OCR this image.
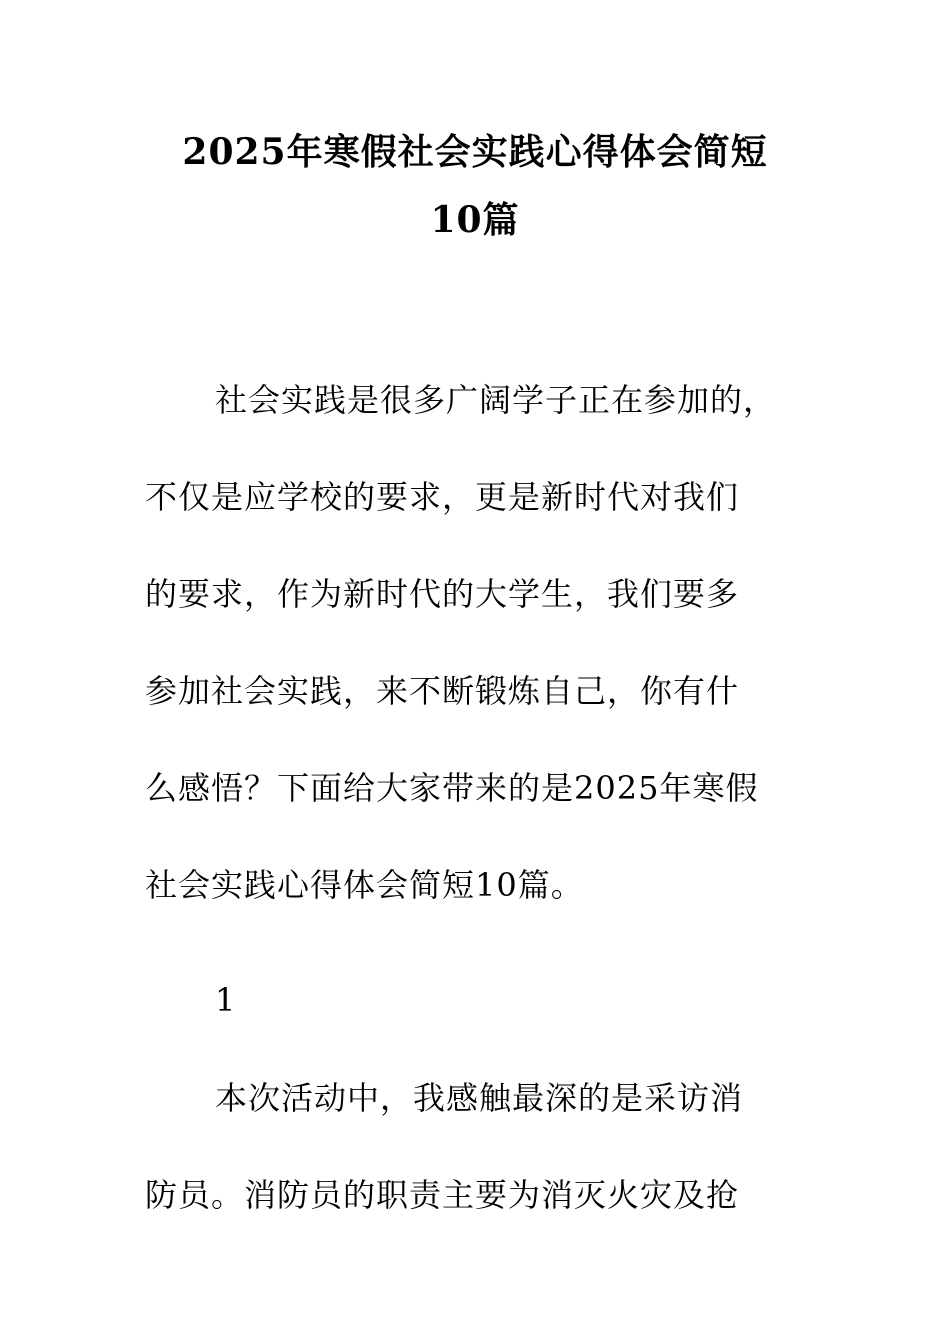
2025年寒假社会实践心得体会简短
10篇
社会实践是很多广阔学子正在参加的，
不仅是应学校的要求，更是新时代对我们
的要求，作为新时代的大学生，我们要多
参加社会实践，来不断锻炼自己，你有什
么感悟？下面给大家带来的是2025年寒假
社会实践心得体会简短10篇。
1
本次活动中，我感触最深的是采访消
防员。消防员的职责主要为消灭火灾及抢
